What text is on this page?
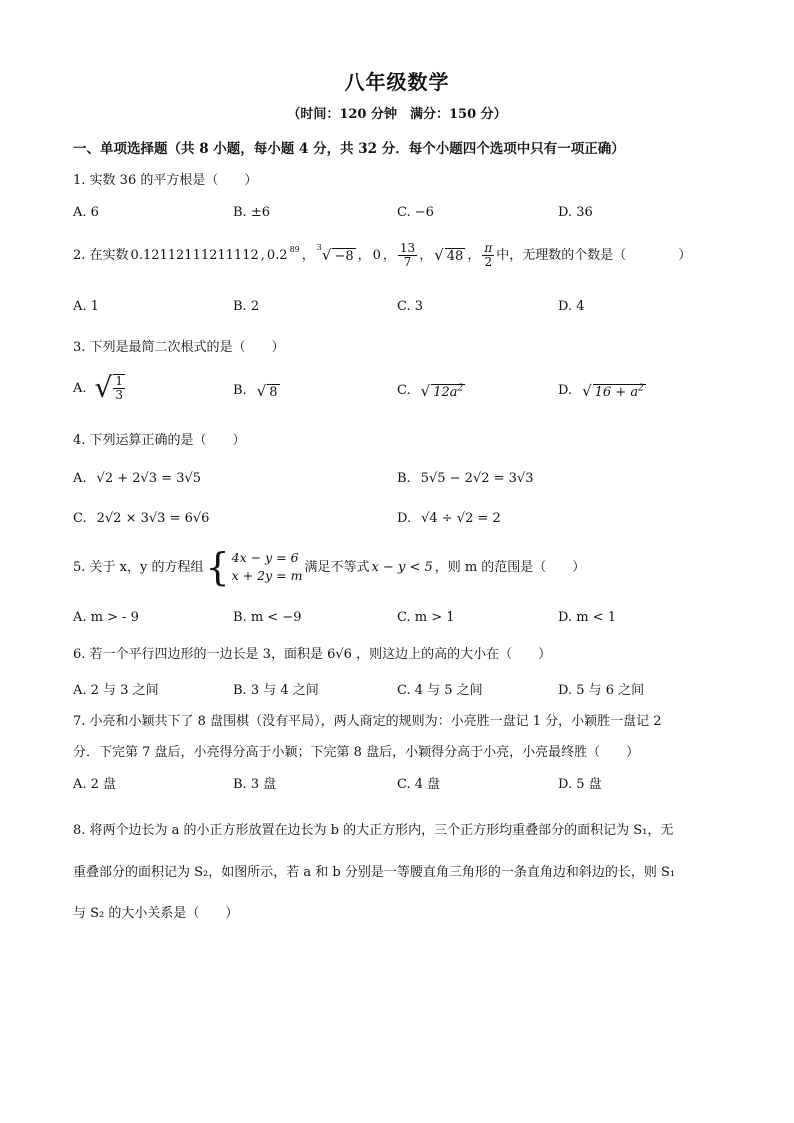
八年级数学
（时间：120 分钟　满分：150 分）
一、单项选择题（共 8 小题，每小题 4 分，共 32 分．每个小题四个选项中只有一项正确）
1. 实数 36 的平方根是（　　）
A. 6	B. ±6	C. −6	D. 36
2. 在实数 0.12112111211112 , 0.2 $^{89}$ ，
$^3$√ −8 ， 0 ， $\frac{13}{7}$ ， √ 48 ， $\frac{\pi}{2}$ 中，无理数的个数是（　　　　）
A. 1	B. 2	C. 3	D. 4
3. 下列是最简二次根式的是（　　）
A. √ $\frac{1}{3}$	B. √ 8	C. √ $12a^2$	D. √ $16 + a^2$
4. 下列运算正确的是（　　）
A. √2 + 2√3 = 3√5	B. 5√5 − 2√2 = 3√3
C. 2√2 × 3√3 = 6√6	D. √4 ÷ √2 = 2
5. 关于 x，y 的方程组 { 4x − y = 6
x + 2y = m
满足不等式 x − y < 5 ，则 m 的范围是（　　）
A. m > - 9	B. m < −9	C. m > 1	D. m < 1
6. 若一个平行四边形的一边长是 3，面积是 6√6 ，则这边上的高的大小在（　　）
A. 2 与 3 之间	B. 3 与 4 之间	C. 4 与 5 之间	D. 5 与 6 之间
7. 小亮和小颖共下了 8 盘围棋（没有平局），两人商定的规则为：小亮胜一盘记 1 分，小颖胜一盘记 2
分．下完第 7 盘后，小亮得分高于小颖；下完第 8 盘后，小颖得分高于小亮，小亮最终胜（　　）
A. 2 盘	B. 3 盘	C. 4 盘	D. 5 盘
8. 将两个边长为 a 的小正方形放置在边长为 b 的大正方形内，三个正方形均重叠部分的面积记为 S₁，无
重叠部分的面积记为 S₂，如图所示，若 a 和 b 分别是一等腰直角三角形的一条直角边和斜边的长，则 S₁
与 S₂ 的大小关系是（　　）
